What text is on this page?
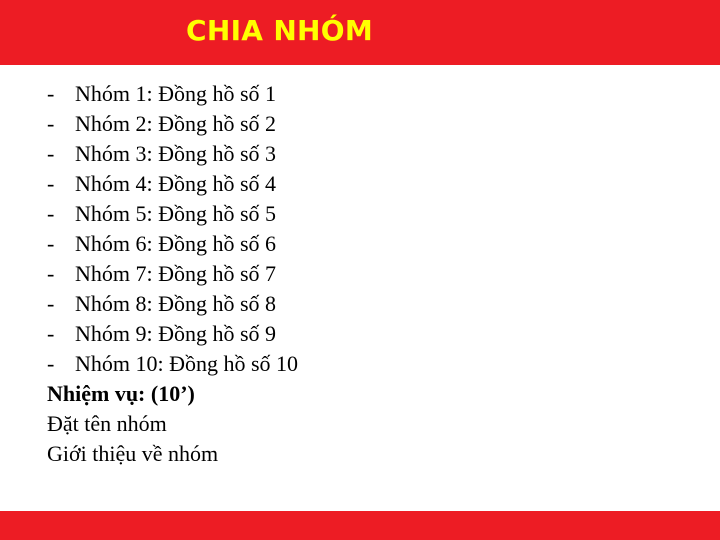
CHIA NHÓM
- Nhóm 1: Đồng hồ số 1
- Nhóm 2: Đồng hồ số 2
- Nhóm 3: Đồng hồ số 3
- Nhóm 4: Đồng hồ số 4
- Nhóm 5: Đồng hồ số 5
- Nhóm 6: Đồng hồ số 6
- Nhóm 7: Đồng hồ số 7
- Nhóm 8: Đồng hồ số 8
- Nhóm 9: Đồng hồ số 9
- Nhóm 10: Đồng hồ số 10
Nhiệm vụ: (10’)
Đặt tên nhóm
Giới thiệu về nhóm
